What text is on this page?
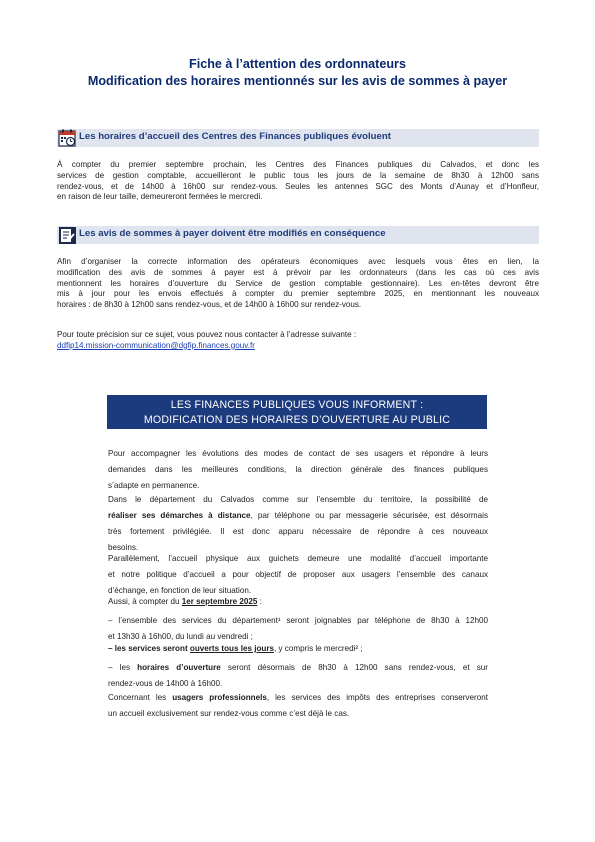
Fiche à l’attention des ordonnateurs
Modification des horaires mentionnés sur les avis de sommes à payer
Les horaires d’accueil des Centres des Finances publiques évoluent
À compter du premier septembre prochain, les Centres des Finances publiques du Calvados, et donc les
services de gestion comptable, accueilleront le public tous les jours de la semaine de 8h30 à 12h00 sans
rendez-vous, et de 14h00 à 16h00 sur rendez-vous. Seules les antennes SGC des Monts d’Aunay et d’Honfleur,
en raison de leur taille, demeureront fermées le mercredi.
Les avis de sommes à payer doivent être modifiés en conséquence
Afin d’organiser la correcte information des opérateurs économiques avec lesquels vous êtes en lien, la
modification des avis de sommes à payer est à prévoir par les ordonnateurs (dans les cas où ces avis
mentionnent les horaires d’ouverture du Service de gestion comptable gestionnaire). Les en-têtes devront être
mis à jour pour les envois effectués à compter du premier septembre 2025, en mentionnant les nouveaux
horaires : de 8h30 à 12h00 sans rendez-vous, et de 14h00 à 16h00 sur rendez-vous.
Pour toute précision sur ce sujet, vous pouvez nous contacter à l’adresse suivante :
ddfip14.mission-communication@dgfip.finances.gouv.fr
LES FINANCES PUBLIQUES VOUS INFORMENT :
MODIFICATION DES HORAIRES D’OUVERTURE AU PUBLIC
Pour accompagner les évolutions des modes de contact de ses usagers et répondre à leurs
demandes dans les meilleures conditions, la direction générale des finances publiques
s’adapte en permanence.
Dans le département du Calvados comme sur l’ensemble du territoire, la possibilité de
réaliser ses démarches à distance, par téléphone ou par messagerie sécurisée, est désormais
très fortement privilégiée. Il est donc apparu nécessaire de répondre à ces nouveaux
besoins.
Parallèlement, l’accueil physique aux guichets demeure une modalité d’accueil importante
et notre politique d’accueil a pour objectif de proposer aux usagers l’ensemble des canaux
d’échange, en fonction de leur situation.
Aussi, à compter du 1er septembre 2025 :
– l’ensemble des services du département¹ seront joignables par téléphone de 8h30 à 12h00
et 13h30 à 16h00, du lundi au vendredi ;
– les services seront ouverts tous les jours, y compris le mercredi² ;
– les horaires d’ouverture seront désormais de 8h30 à 12h00 sans rendez-vous, et sur
rendez-vous de 14h00 à 16h00.
Concernant les usagers professionnels, les services des impôts des entreprises conserveront
un accueil exclusivement sur rendez-vous comme c’est déjà le cas.
